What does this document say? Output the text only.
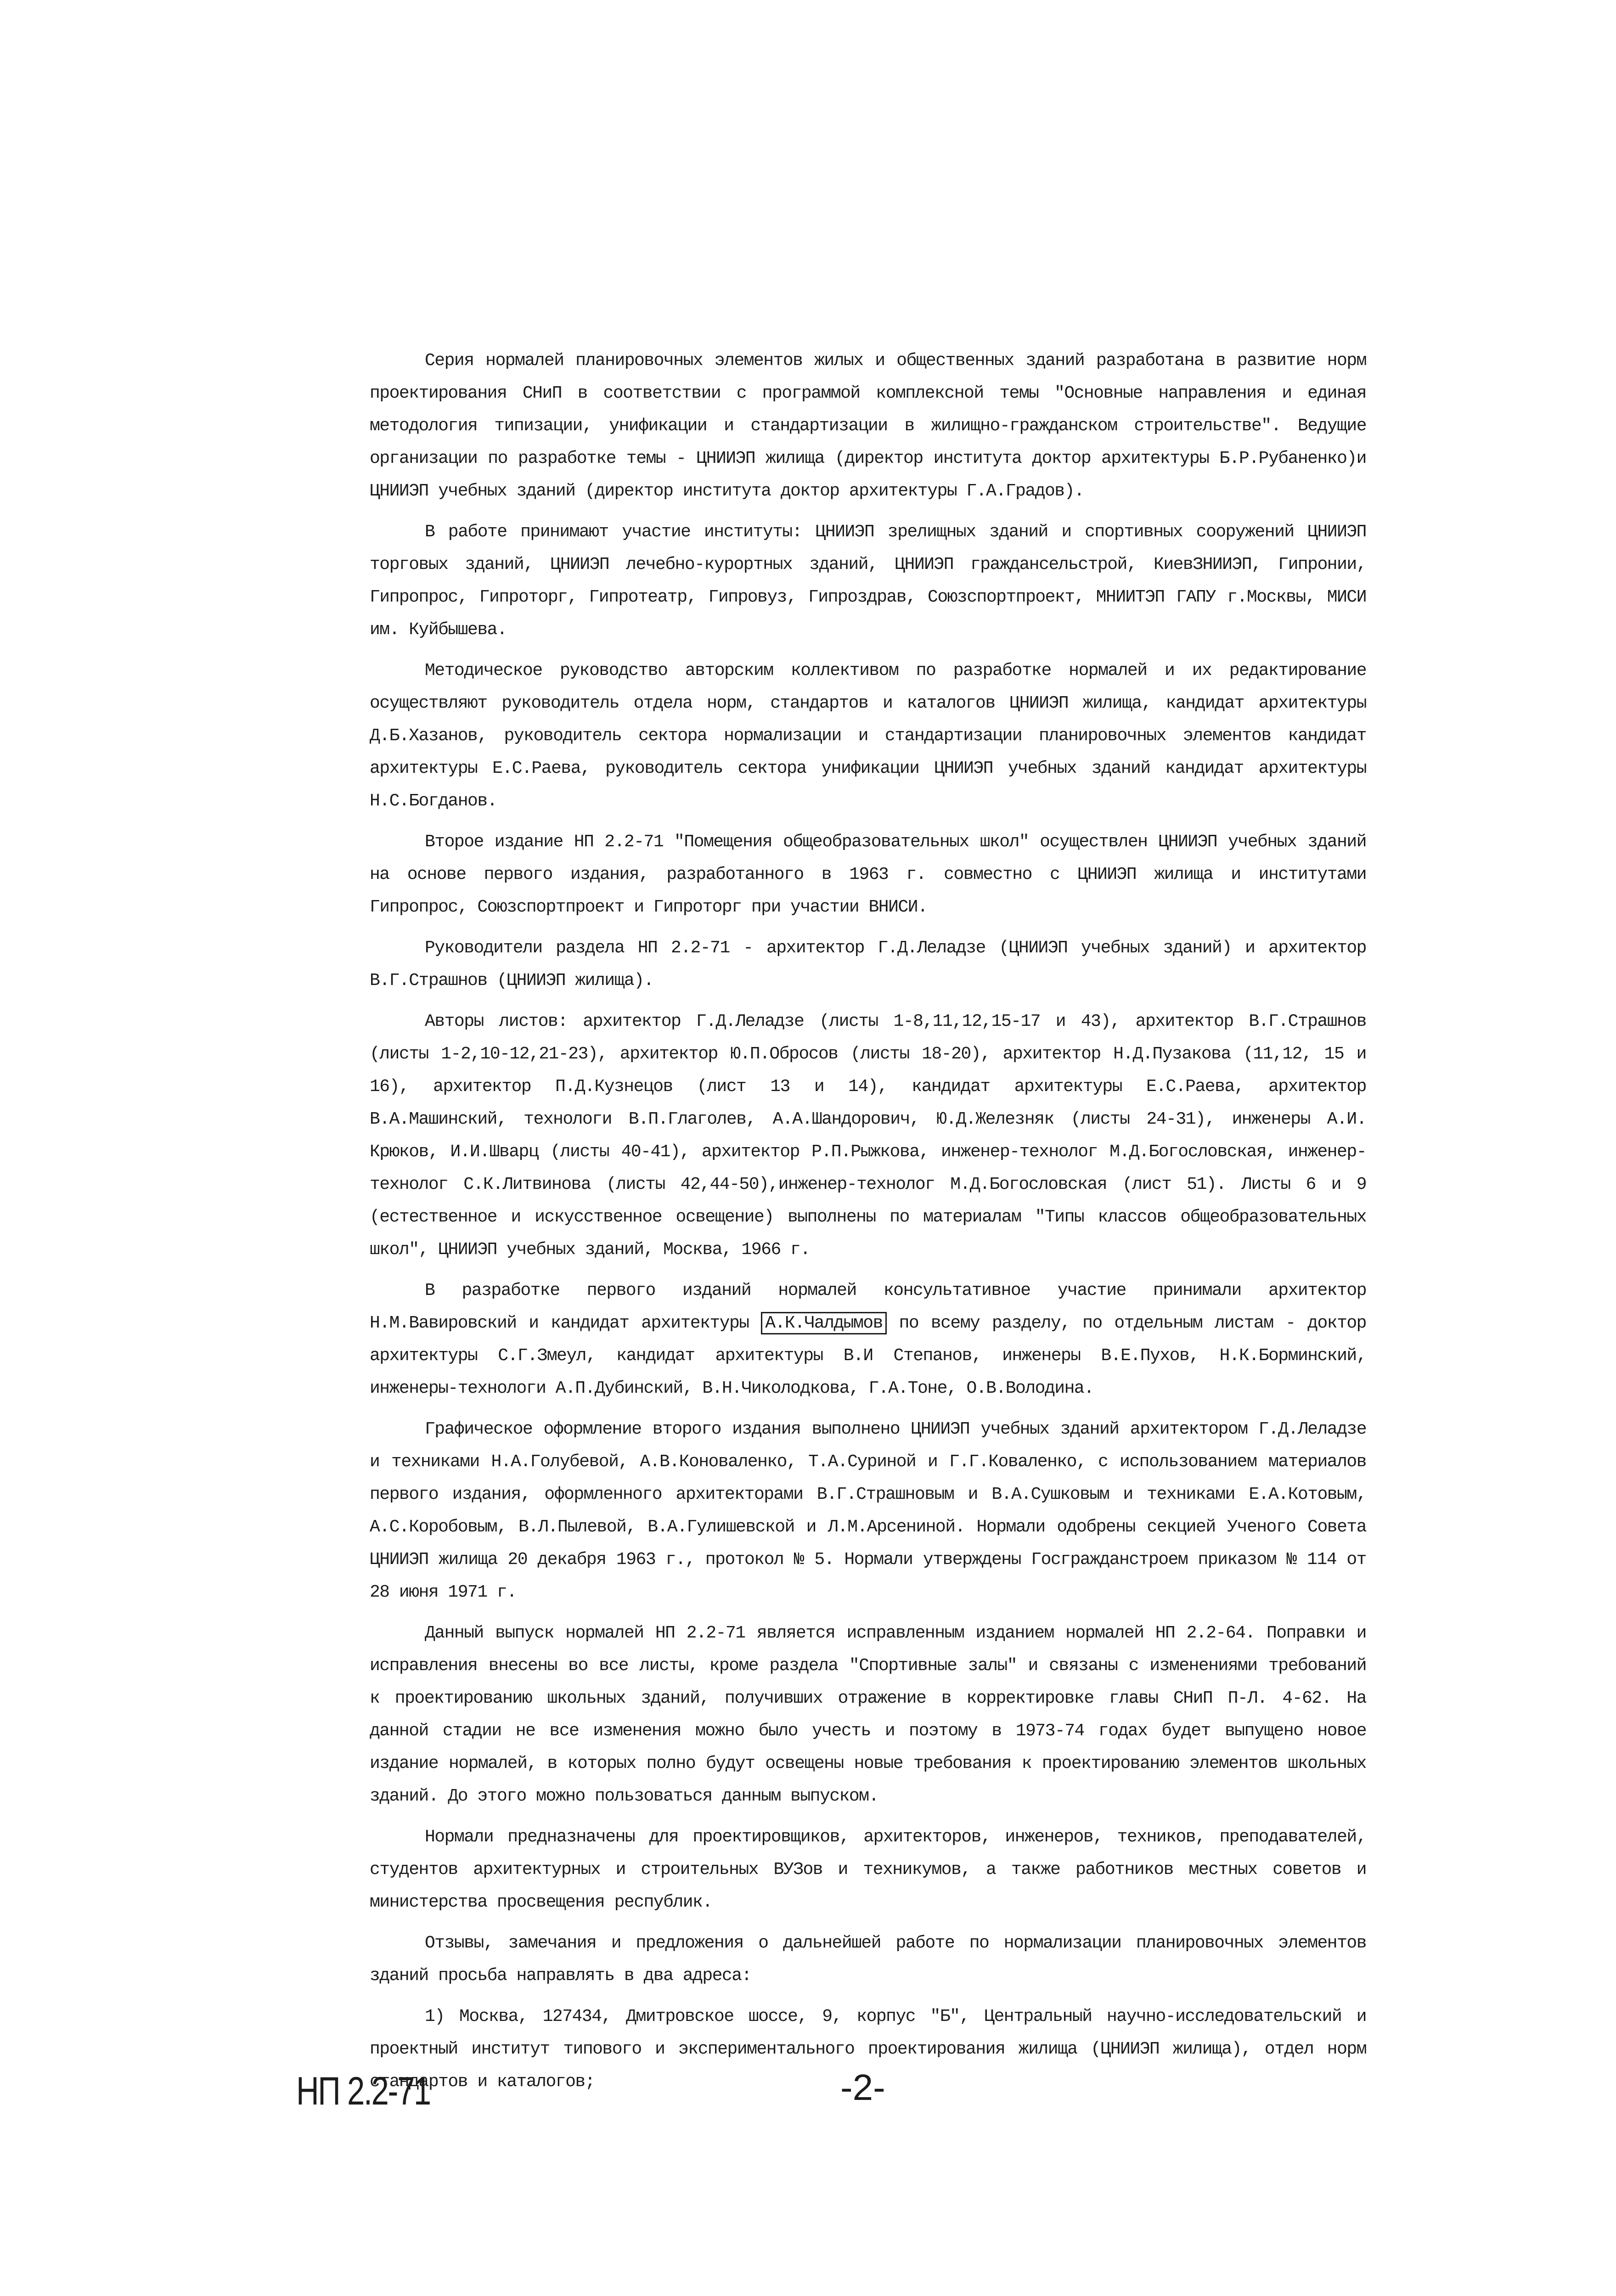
Серия нормалей планировочных элементов жилых и общественных зданий разработана в развитие норм проектирования СНиП в соответствии с программой комплексной темы "Основные направления и единая методология типизации, унификации и стандартизации в жилищно-гражданском строительстве". Ведущие организации по разработке темы - ЦНИИЭП жилища (директор института доктор архитектуры Б.Р.Рубаненко)и ЦНИИЭП учебных зданий (директор института доктор архитектуры Г.А.Градов).

В работе принимают участие институты: ЦНИИЭП зрелищных зданий и спортивных сооружений ЦНИИЭП торговых зданий, ЦНИИЭП лечебно-курортных зданий, ЦНИИЭП граждансельстрой, КиевЗНИИЭП, Гипронии, Гипропрос, Гипроторг, Гипротеатр, Гипровуз, Гипроздрав, Союзспортпроект, МНИИТЭП ГАПУ г.Москвы, МИСИ им. Куйбышева.

Методическое руководство авторским коллективом по разработке нормалей и их редактирование осуществляют руководитель отдела норм, стандартов и каталогов ЦНИИЭП жилища, кандидат архитектуры Д.Б.Хазанов, руководитель сектора нормализации и стандартизации планировочных элементов кандидат архитектуры Е.С.Раева, руководитель сектора унификации ЦНИИЭП учебных зданий кандидат архитектуры Н.С.Богданов.

Второе издание НП 2.2-71 "Помещения общеобразовательных школ" осуществлен ЦНИИЭП учебных зданий на основе первого издания, разработанного в 1963 г. совместно с ЦНИИЭП жилища и институтами Гипропрос, Союзспортпроект и Гипроторг при участии ВНИСИ.

Руководители раздела НП 2.2-71 - архитектор Г.Д.Леладзе (ЦНИИЭП учебных зданий) и архитектор В.Г.Страшнов (ЦНИИЭП жилища).

Авторы листов: архитектор Г.Д.Леладзе (листы 1-8,11,12,15-17 и 43), архитектор В.Г.Страшнов (листы 1-2,10-12,21-23), архитектор Ю.П.Обросов (листы 18-20), архитектор Н.Д.Пузакова (11,12, 15 и 16), архитектор П.Д.Кузнецов (лист 13 и 14), кандидат архитектуры Е.С.Раева, архитектор В.А.Машинский, технологи В.П.Глаголев, А.А.Шандорович, Ю.Д.Железняк (листы 24-31), инженеры А.И. Крюков, И.И.Шварц (листы 40-41), архитектор Р.П.Рыжкова, инженер-технолог М.Д.Богословская, инженер-технолог С.К.Литвинова (листы 42,44-50),инженер-технолог М.Д.Богословская (лист 51). Листы 6 и 9 (естественное и искусственное освещение) выполнены по материалам "Типы классов общеобразовательных школ", ЦНИИЭП учебных зданий, Москва, 1966 г.

В разработке первого изданий нормалей консультативное участие принимали архитектор Н.М.Вавировский и кандидат архитектуры А.К.Чалдымов по всему разделу, по отдельным листам - доктор архитектуры С.Г.Змеул, кандидат архитектуры В.И Степанов, инженеры В.Е.Пухов, Н.К.Борминский, инженеры-технологи А.П.Дубинский, В.Н.Чиколодкова, Г.А.Тоне, О.В.Володина.

Графическое оформление второго издания выполнено ЦНИИЭП учебных зданий архитектором Г.Д.Леладзе и техниками Н.А.Голубевой, А.В.Коноваленко, Т.А.Суриной и Г.Г.Коваленко, с использованием материалов первого издания, оформленного архитекторами В.Г.Страшновым и В.А.Сушковым и техниками Е.А.Котовым, А.С.Коробовым, В.Л.Пылевой, В.А.Гулишевской и Л.М.Арсениной. Нормали одобрены секцией Ученого Совета ЦНИИЭП жилища 20 декабря 1963 г., протокол № 5. Нормали утверждены Госгражданстроем приказом № 114 от 28 июня 1971 г.

Данный выпуск нормалей НП 2.2-71 является исправленным изданием нормалей НП 2.2-64. Поправки и исправления внесены во все листы, кроме раздела "Спортивные залы" и связаны с изменениями требований к проектированию школьных зданий, получивших отражение в корректировке главы СНиП П-Л. 4-62. На данной стадии не все изменения можно было учесть и поэтому в 1973-74 годах будет выпущено новое издание нормалей, в которых полно будут освещены новые требования к проектированию элементов школьных зданий. До этого можно пользоваться данным выпуском.

Нормали предназначены для проектировщиков, архитекторов, инженеров, техников, преподавателей, студентов архитектурных и строительных ВУЗов и техникумов, а также работников местных советов и министерства просвещения республик.

Отзывы, замечания и предложения о дальнейшей работе по нормализации планировочных элементов зданий просьба направлять в два адреса:

1) Москва, 127434, Дмитровское шоссе, 9, корпус "Б", Центральный научно-исследовательский и проектный институт типового и экспериментального проектирования жилища (ЦНИИЭП жилища), отдел норм стандартов и каталогов;

НП 2.2-71	-2-
